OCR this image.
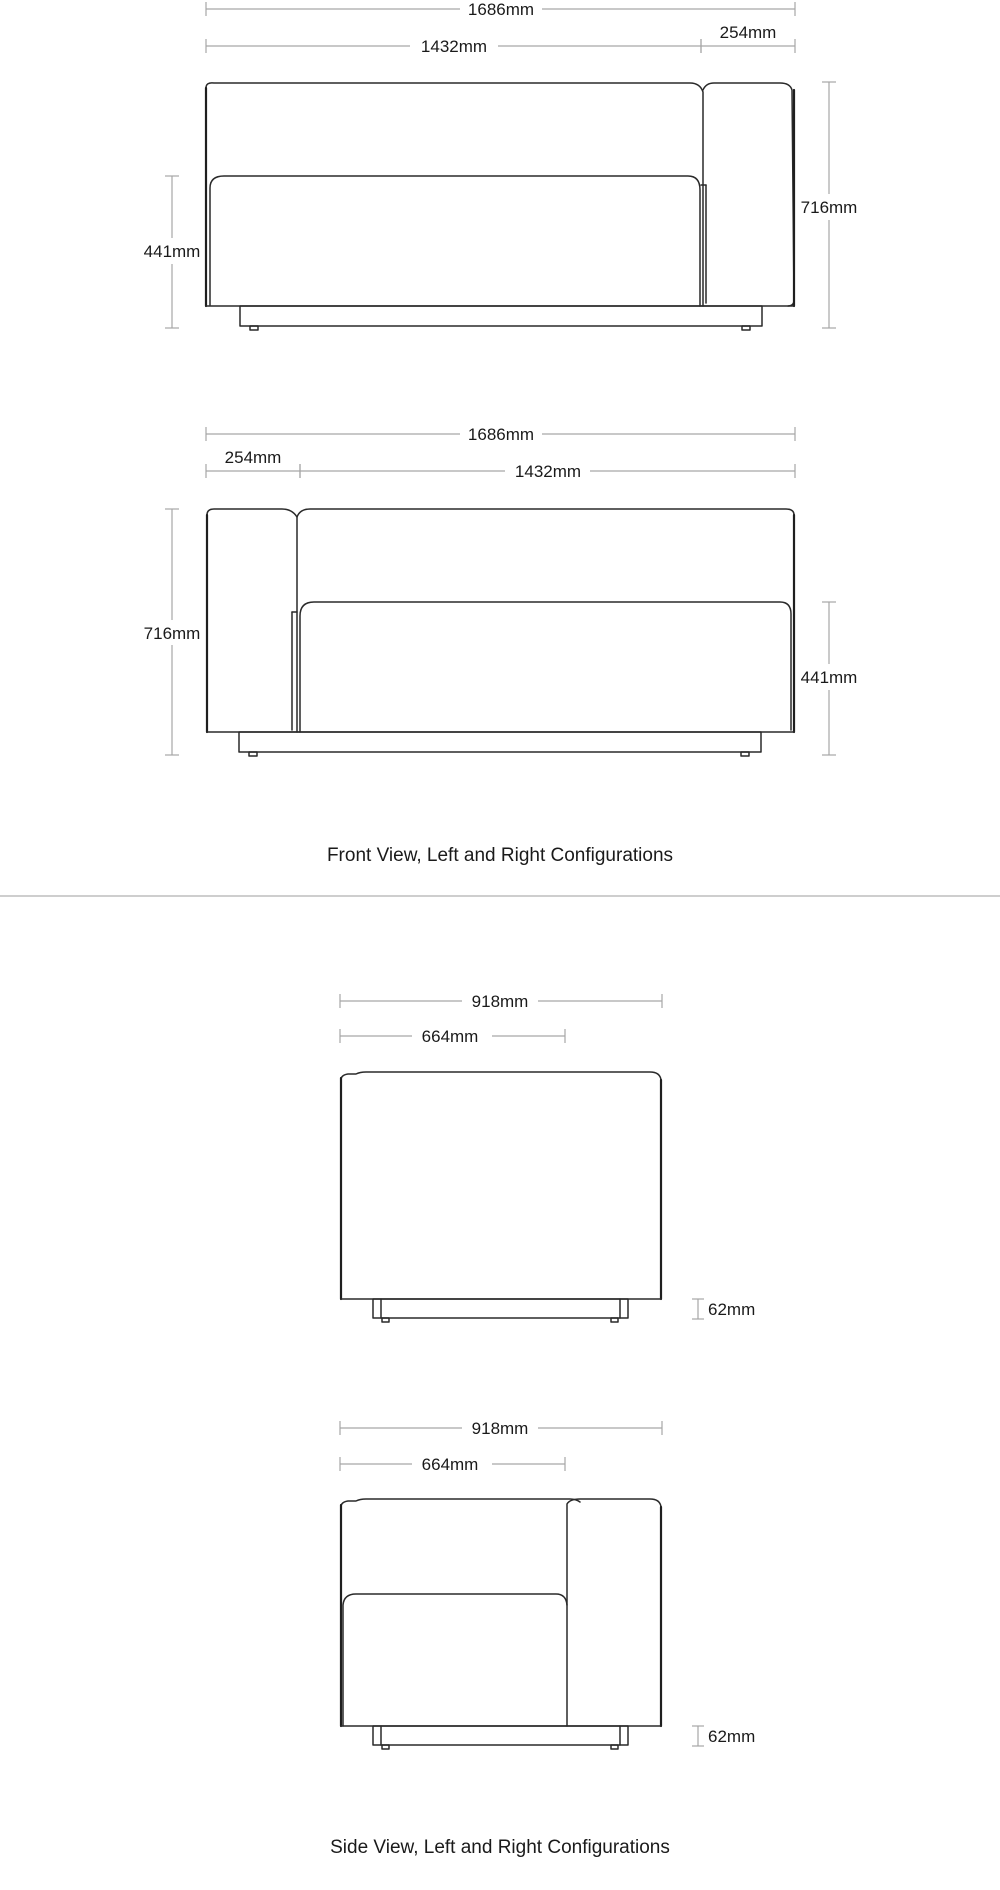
1686mm
1432mm
254mm
441mm
716mm
1686mm
254mm
1432mm
716mm
441mm
Front View, Left and Right Configurations
918mm
664mm
62mm
918mm
664mm
62mm
Side View, Left and Right Configurations
